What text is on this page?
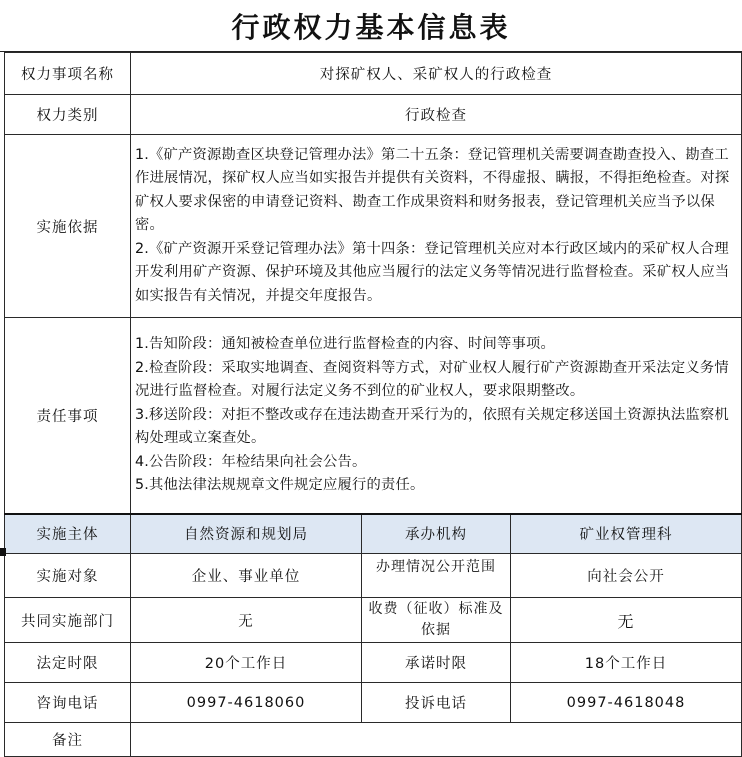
行政权力基本信息表
权力事项名称	对探矿权人、采矿权人的行政检查		
权力类别	行政检查		
实施依据	1.《矿产资源勘查区块登记管理办法》第二十五条：登记管理机关需要调查勘查投入、勘查工作进展情况，探矿权人应当如实报告并提供有关资料，不得虚报、瞒报，不得拒绝检查。对探矿权人要求保密的申请登记资料、勘查工作成果资料和财务报表，登记管理机关应当予以保密。

2.《矿产资源开采登记管理办法》第十四条：登记管理机关应对本行政区域内的采矿权人合理开发利用矿产资源、保护环境及其他应当履行的法定义务等情况进行监督检查。采矿权人应当如实报告有关情况，并提交年度报告。		

责任事项	1.告知阶段：通知被检查单位进行监督检查的内容、时间等事项。

2.检查阶段：采取实地调查、查阅资料等方式，对矿业权人履行矿产资源勘查开采法定义务情况进行监督检查。对履行法定义务不到位的矿业权人，要求限期整改。

3.移送阶段：对拒不整改或存在违法勘查开采行为的，依照有关规定移送国土资源执法监察机构处理或立案查处。

4.公告阶段：年检结果向社会公告。

5.其他法律法规规章文件规定应履行的责任。		

实施主体	自然资源和规划局	承办机构	矿业权管理科
实施对象	企业、事业单位	办理情况公开范围	向社会公开
共同实施部门	无	收费（征收）标准及依据	无
法定时限	20个工作日	承诺时限	18个工作日
咨询电话	0997-4618060	投诉电话	0997-4618048
备注			
